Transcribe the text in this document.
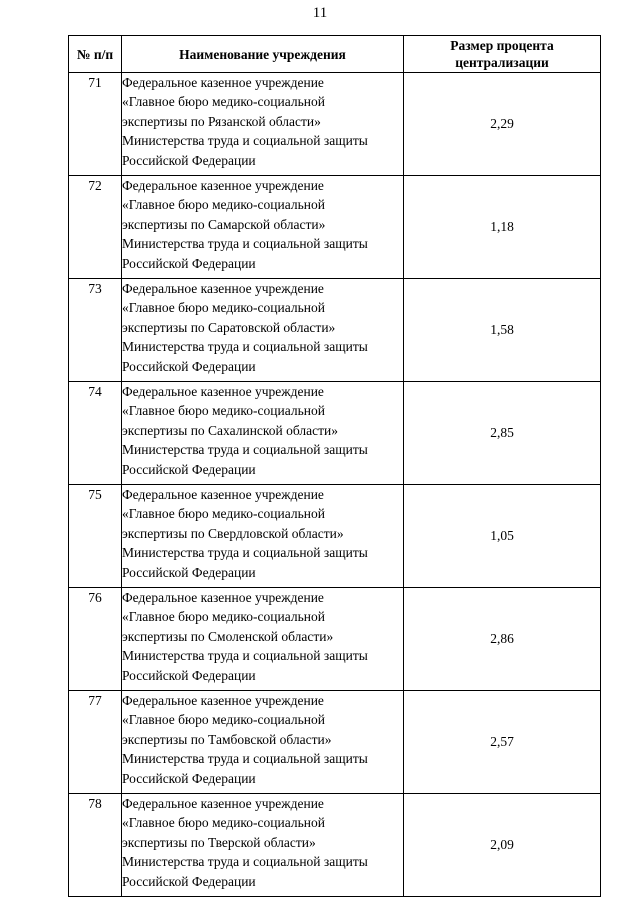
11
№ п/п	Наименование учреждения	Размер процента
централизации

71	Федеральное казенное учреждение
«Главное бюро медико-социальной
экспертизы по Рязанской области»
Министерства труда и социальной защиты
Российской Федерации	2,29
72	Федеральное казенное учреждение
«Главное бюро медико-социальной
экспертизы по Самарской области»
Министерства труда и социальной защиты
Российской Федерации	1,18
73	Федеральное казенное учреждение
«Главное бюро медико-социальной
экспертизы по Саратовской области»
Министерства труда и социальной защиты
Российской Федерации	1,58
74	Федеральное казенное учреждение
«Главное бюро медико-социальной
экспертизы по Сахалинской области»
Министерства труда и социальной защиты
Российской Федерации	2,85
75	Федеральное казенное учреждение
«Главное бюро медико-социальной
экспертизы по Свердловской области»
Министерства труда и социальной защиты
Российской Федерации	1,05
76	Федеральное казенное учреждение
«Главное бюро медико-социальной
экспертизы по Смоленской области»
Министерства труда и социальной защиты
Российской Федерации	2,86
77	Федеральное казенное учреждение
«Главное бюро медико-социальной
экспертизы по Тамбовской области»
Министерства труда и социальной защиты
Российской Федерации	2,57
78	Федеральное казенное учреждение
«Главное бюро медико-социальной
экспертизы по Тверской области»
Министерства труда и социальной защиты
Российской Федерации	2,09
